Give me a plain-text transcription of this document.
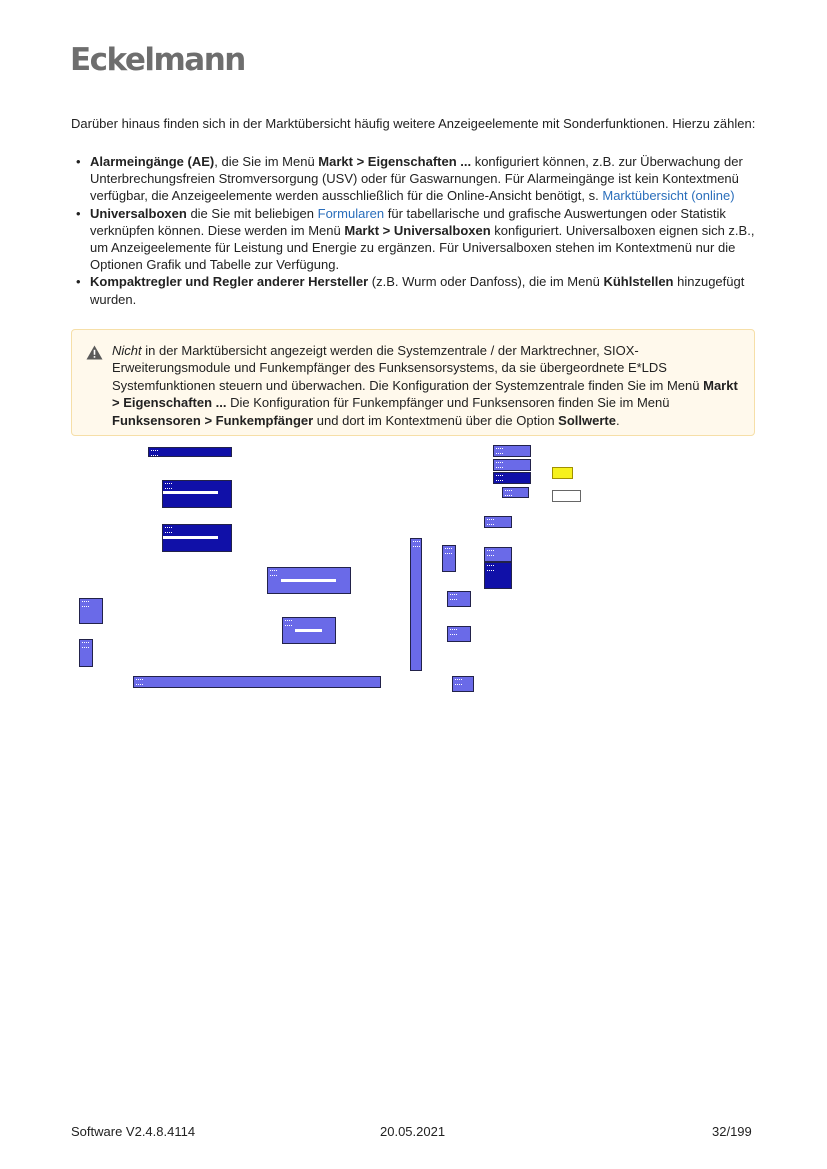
Eckelmann

Darüber hinaus finden sich in der Marktübersicht häufig weitere Anzeigeelemente mit Sonderfunktionen. Hierzu zählen:

• Alarmeingänge (AE), die Sie im Menü Markt > Eigenschaften ... konfiguriert können, z.B. zur Überwachung der Unterbrechungsfreien Stromversorgung (USV) oder für Gaswarnungen. Für Alarmeingänge ist kein Kontextmenü verfügbar, die Anzeigeelemente werden ausschließlich für die Online-Ansicht benötigt, s. Marktübersicht (online)
• Universalboxen die Sie mit beliebigen Formularen für tabellarische und grafische Auswertungen oder Statistik verknüpfen können. Diese werden im Menü Markt > Universalboxen konfiguriert. Universalboxen eignen sich z.B., um Anzeigeelemente für Leistung und Energie zu ergänzen. Für Universalboxen stehen im Kontextmenü nur die Optionen Grafik und Tabelle zur Verfügung.
• Kompaktregler und Regler anderer Hersteller (z.B. Wurm oder Danfoss), die im Menü Kühlstellen hinzugefügt wurden.

Nicht in der Marktübersicht angezeigt werden die Systemzentrale / der Marktrechner, SIOX-Erweiterungsmodule und Funkempfänger des Funksensorsystems, da sie übergeordnete E*LDS Systemfunktionen steuern und überwachen. Die Konfiguration der Systemzentrale finden Sie im Menü Markt > Eigenschaften ... Die Konfiguration für Funkempfänger und Funksensoren finden Sie im Menü Funksensoren > Funkempfänger und dort im Kontextmenü über die Option Sollwerte.

Software V2.4.8.4114	20.05.2021	32/199
